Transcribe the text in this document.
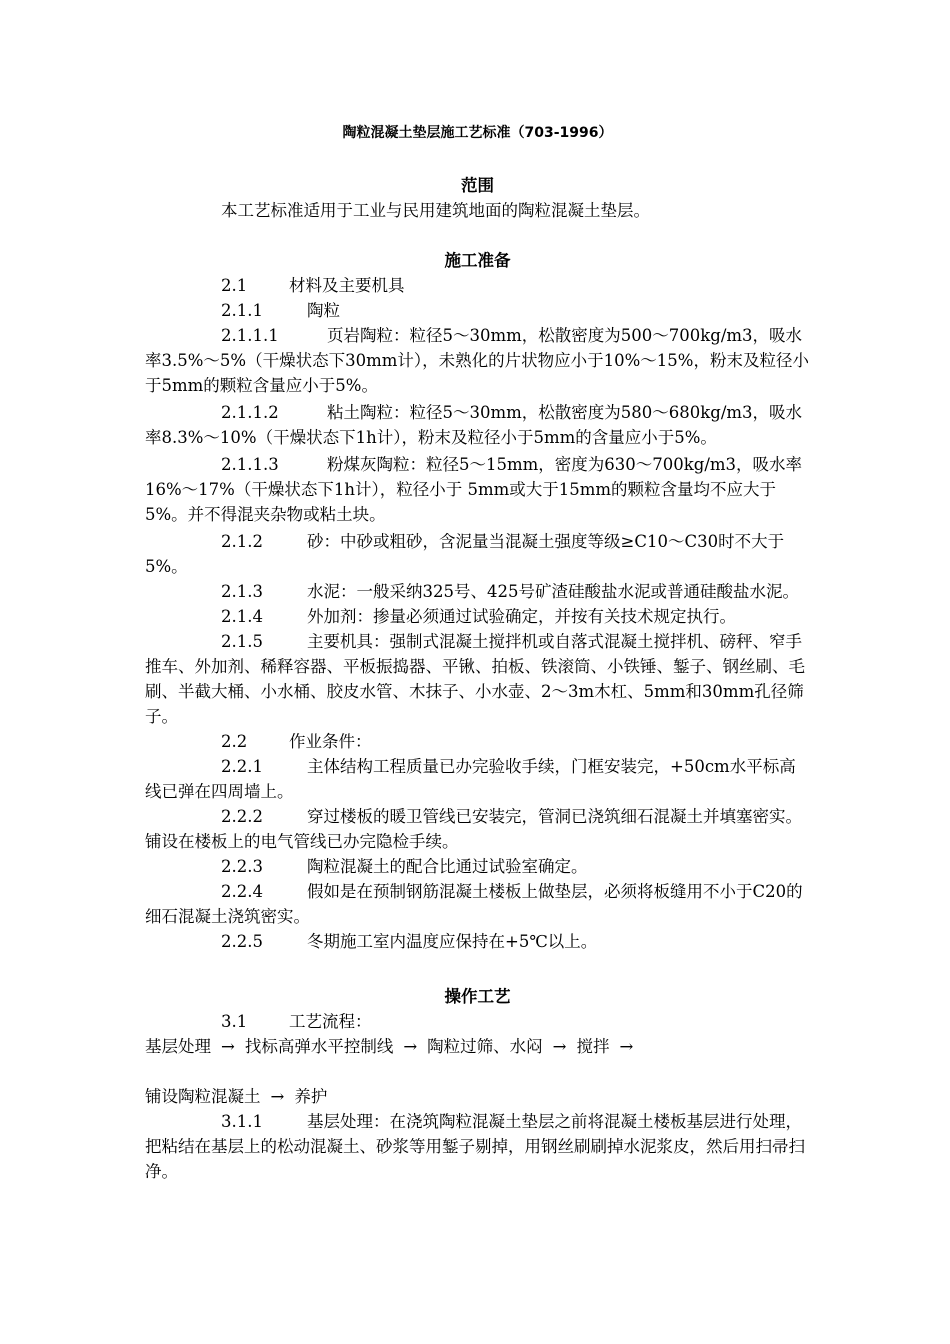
陶粒混凝土垫层施工艺标准（703-1996）
范围

本工艺标准适用于工业与民用建筑地面的陶粒混凝土垫层。

施工准备

2.1	材料及主要机具

2.1.1	陶粒

2.1.1.1	页岩陶粒：粒径5～30mm，松散密度为500～700kg/m3，吸水率3.5%～5%（干燥状态下30mm计），未熟化的片状物应小于10%～15%，粉末及粒径小于5mm的颗粒含量应小于5%。

2.1.1.2	粘土陶粒：粒径5～30mm，松散密度为580～680kg/m3，吸水率8.3%～10%（干燥状态下1h计），粉末及粒径小于5mm的含量应小于5%。

2.1.1.3	粉煤灰陶粒：粒径5～15mm，密度为630～700kg/m3，吸水率16%～17%（干燥状态下1h计），粒径小于 5mm或大于15mm的颗粒含量均不应大于5%。并不得混夹杂物或粘土块。

2.1.2	砂：中砂或粗砂，含泥量当混凝土强度等级≥C10～C30时不大于5%。

2.1.3	水泥：一般采纳325号、425号矿渣硅酸盐水泥或普通硅酸盐水泥。

2.1.4	外加剂：掺量必须通过试验确定，并按有关技术规定执行。

2.1.5	主要机具：强制式混凝土搅拌机或自落式混凝土搅拌机、磅秤、窄手推车、外加剂、稀释容器、平板振捣器、平锹、拍板、铁滚筒、小铁锤、錾子、钢丝刷、毛刷、半截大桶、小水桶、胶皮水管、木抹子、小水壶、2～3m木杠、5mm和30mm孔径筛子。

2.2	作业条件：

2.2.1	主体结构工程质量已办完验收手续，门框安装完，+50cm水平标高线已弹在四周墙上。

2.2.2	穿过楼板的暖卫管线已安装完，管洞已浇筑细石混凝土并填塞密实。铺设在楼板上的电气管线已办完隐检手续。

2.2.3	陶粒混凝土的配合比通过试验室确定。

2.2.4	假如是在预制钢筋混凝土楼板上做垫层，必须将板缝用不小于C20的细石混凝土浇筑密实。

2.2.5	冬期施工室内温度应保持在+5℃以上。

操作工艺

3.1	工艺流程：

基层处理 → 找标高弹水平控制线 → 陶粒过筛、水闷 → 搅拌 →

铺设陶粒混凝土 → 养护

3.1.1	基层处理：在浇筑陶粒混凝土垫层之前将混凝土楼板基层进行处理，把粘结在基层上的松动混凝土、砂浆等用錾子剔掉，用钢丝刷刷掉水泥浆皮，然后用扫帚扫净。
